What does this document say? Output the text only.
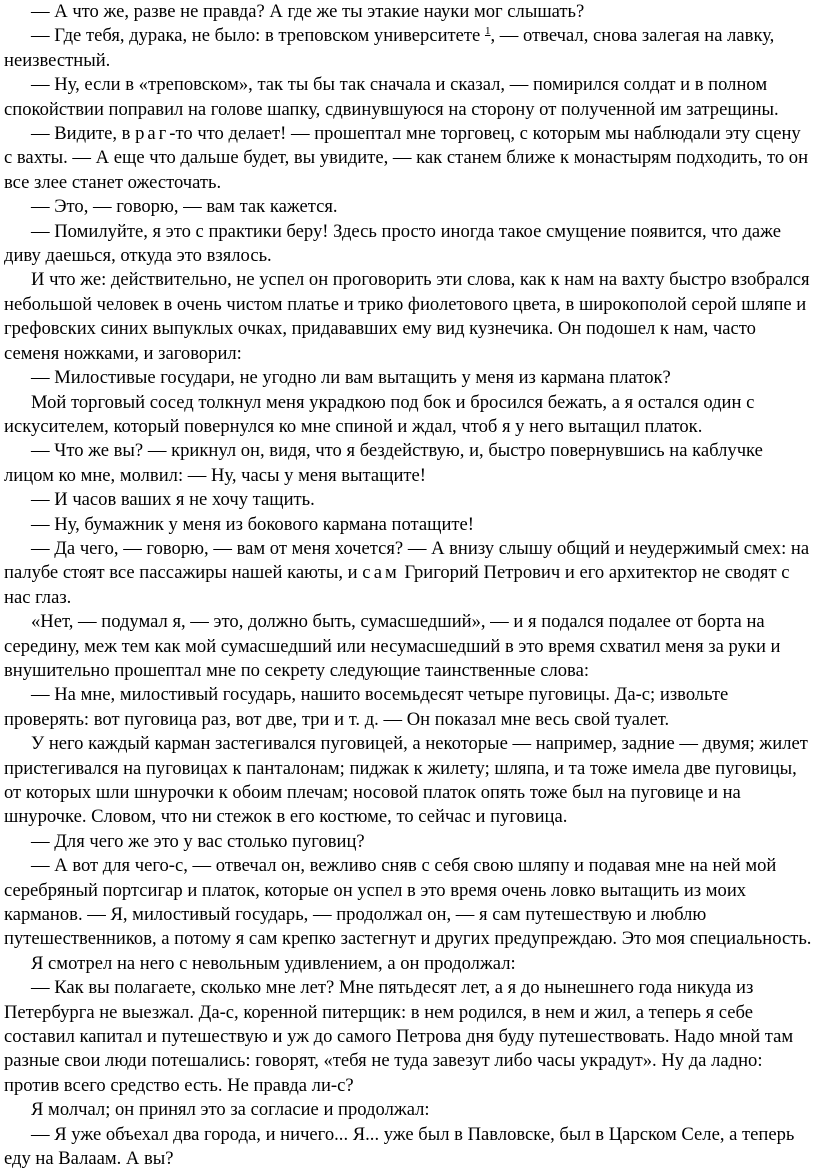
— А что же, разве не правда? А где же ты этакие науки мог слышать?

— Где тебя, дурака, не было: в треповском университете $^1$, — отвечал, снова залегая на лавку, неизвестный.

— Ну, если в «треповском», так ты бы так сначала и сказал, — помирился солдат и в полном спокойствии поправил на голове шапку, сдвинувшуюся на сторону от полученной им затрещины.

— Видите, в раг-то что делает! — прошептал мне торговец, с которым мы наблюдали эту сцену с вахты. — А еще что дальше будет, вы увидите, — как станем ближе к монастырям подходить, то он все злее станет ожесточать.

— Это, — говорю, — вам так кажется.

— Помилуйте, я это с практики беру! Здесь просто иногда такое смущение появится, что даже диву даешься, откуда это взялось.

И что же: действительно, не успел он проговорить эти слова, как к нам на вахту быстро взобрался небольшой человек в очень чистом платье и трико фиолетового цвета, в широкополой серой шляпе и грефовских синих выпуклых очках, придававших ему вид кузнечика. Он подошел к нам, часто семеня ножками, и заговорил:

— Милостивые государи, не угодно ли вам вытащить у меня из кармана платок?

Мой торговый сосед толкнул меня украдкою под бок и бросился бежать, а я остался один с искусителем, который повернулся ко мне спиной и ждал, чтоб я у него вытащил платок.

— Что же вы? — крикнул он, видя, что я бездействую, и, быстро повернувшись на каблучке лицом ко мне, молвил: — Ну, часы у меня вытащите!

— И часов ваших я не хочу тащить.

— Ну, бумажник у меня из бокового кармана потащите!

— Да чего, — говорю, — вам от меня хочется? — А внизу слышу общий и неудержимый смех: на палубе стоят все пассажиры нашей каюты, и сам Григорий Петрович и его архитектор не сводят с нас глаз.

«Нет, — подумал я, — это, должно быть, сумасшедший», — и я подался подалее от борта на середину, меж тем как мой сумасшедший или несумасшедший в это время схватил меня за руки и внушительно прошептал мне по секрету следующие таинственные слова:

— На мне, милостивый государь, нашито восемьдесят четыре пуговицы. Да-с; извольте проверять: вот пуговица раз, вот две, три и т. д. — Он показал мне весь свой туалет.

У него каждый карман застегивался пуговицей, а некоторые — например, задние — двумя; жилет пристегивался на пуговицах к панталонам; пиджак к жилету; шляпа, и та тоже имела две пуговицы, от которых шли шнурочки к обоим плечам; носовой платок опять тоже был на пуговице и на шнурочке. Словом, что ни стежок в его костюме, то сейчас и пуговица.

— Для чего же это у вас столько пуговиц?

— А вот для чего-с, — отвечал он, вежливо сняв с себя свою шляпу и подавая мне на ней мой серебряный портсигар и платок, которые он успел в это время очень ловко вытащить из моих карманов. — Я, милостивый государь, — продолжал он, — я сам путешествую и люблю путешественников, а потому я сам крепко застегнут и других предупреждаю. Это моя специальность.

Я смотрел на него с невольным удивлением, а он продолжал:

— Как вы полагаете, сколько мне лет? Мне пятьдесят лет, а я до нынешнего года никуда из Петербурга не выезжал. Да-с, коренной питерщик: в нем родился, в нем и жил, а теперь я себе составил капитал и путешествую и уж до самого Петрова дня буду путешествовать. Надо мной там разные свои люди потешались: говорят, «тебя не туда завезут либо часы украдут». Ну да ладно: против всего средство есть. Не правда ли-с?

Я молчал; он принял это за согласие и продолжал:

— Я уже объехал два города, и ничего... Я... уже был в Павловске, был в Царском Селе, а теперь еду на Валаам. А вы?
